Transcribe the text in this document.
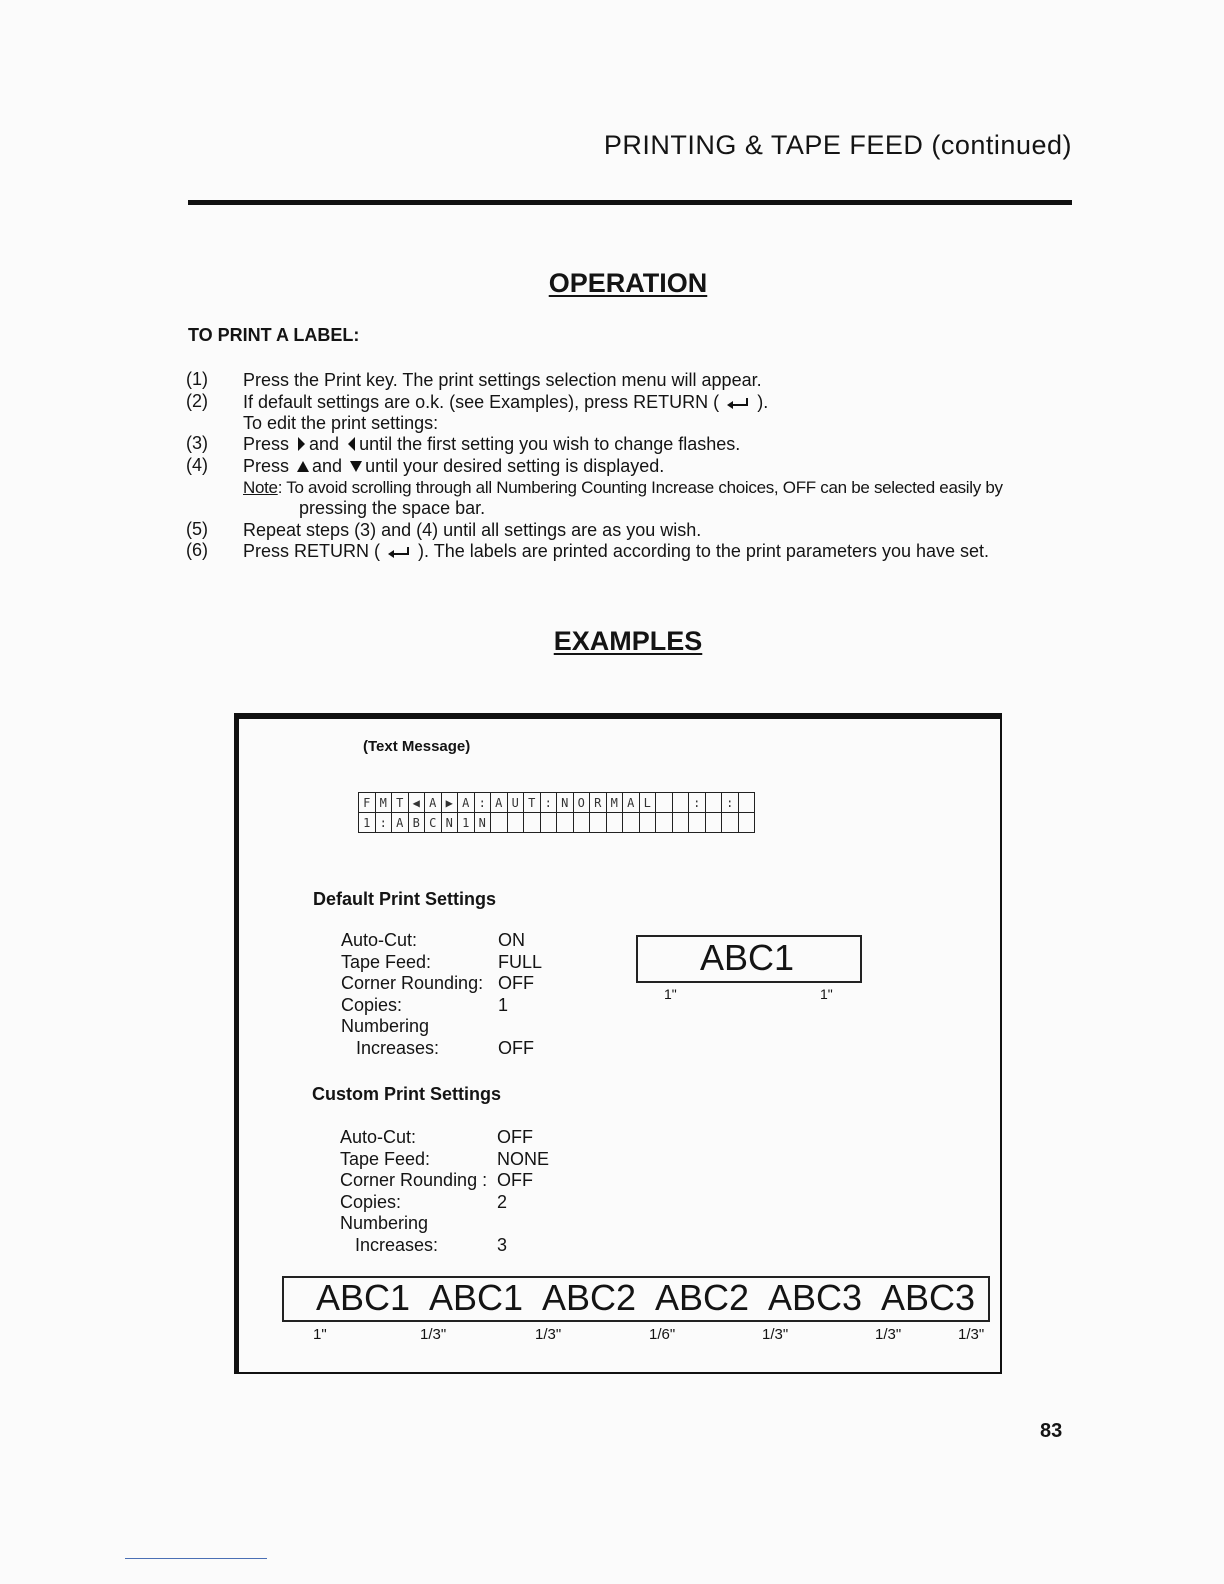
PRINTING & TAPE FEED (continued)
OPERATION
TO PRINT A LABEL:
(1) Press the Print key. The print settings selection menu will appear.
(2) If default settings are o.k. (see Examples), press RETURN ( ).
To edit the print settings:
(3) Press and until the first setting you wish to change flashes.
(4) Press and until your desired setting is displayed.
Note: To avoid scrolling through all Numbering Counting Increase choices, OFF can be selected easily by
pressing the space bar.
(5) Repeat steps (3) and (4) until all settings are as you wish.
(6) Press RETURN ( ). The labels are printed according to the print parameters you have set.
EXAMPLES
(Text Message)
F	M	T	◀	A	▶	A	:	A	U	T	:	N	O	R	M	A	L			:		:	
1	:	A	B	C	N	1	N																
Default Print Settings
Auto-Cut:	ON
Tape Feed:	FULL
Corner Rounding: OFF
Copies:	1
Numbering
Increases:	OFF
ABC1
1"	1"
Custom Print Settings
Auto-Cut:	OFF
Tape Feed:	NONE
Corner Rounding : OFF
Copies:	2
Numbering
Increases:	3
ABC1 ABC1 ABC2 ABC2 ABC3 ABC3
1"	1/3"	1/3"	1/6"	1/3"	1/3"	1/3"
83
